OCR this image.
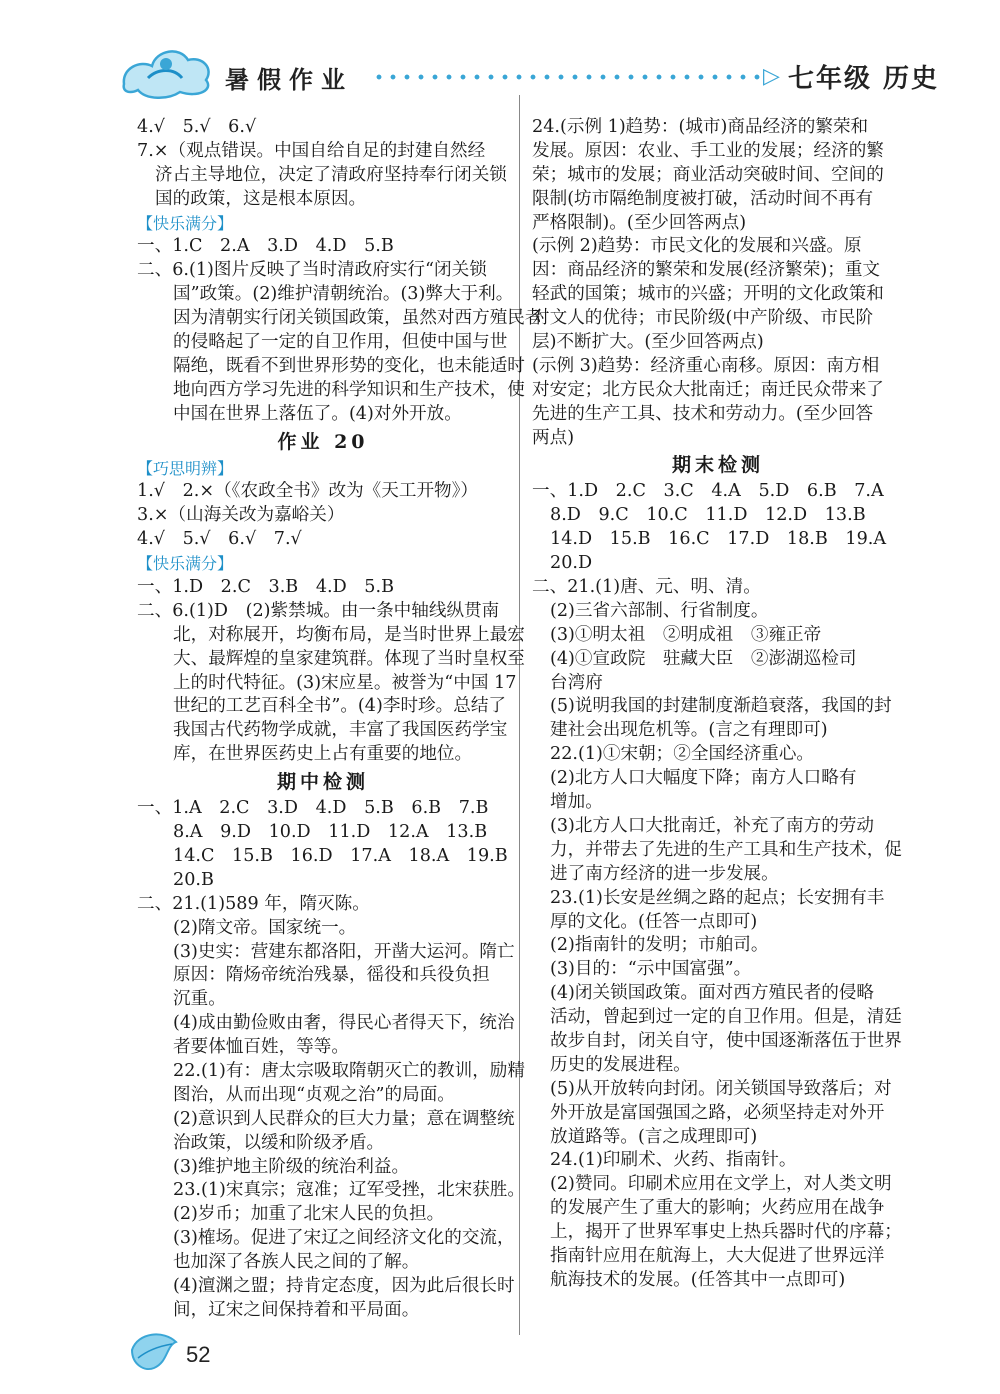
暑假作业	▷ 七年级 历史
4.√　5.√　6.√
7.×（观点错误。中国自给自足的封建自然经
济占主导地位，决定了清政府坚持奉行闭关锁
国的政策，这是根本原因。
【快乐满分】
一、1.C　2.A　3.D　4.D　5.B
二、6.(1)图片反映了当时清政府实行“闭关锁
国”政策。(2)维护清朝统治。(3)弊大于利。
因为清朝实行闭关锁国政策，虽然对西方殖民者
的侵略起了一定的自卫作用，但使中国与世
隔绝，既看不到世界形势的变化，也未能适时
地向西方学习先进的科学知识和生产技术，使
中国在世界上落伍了。(4)对外开放。
作业 20
【巧思明辨】
1.√　2.×（《农政全书》改为《天工开物》）
3.×（山海关改为嘉峪关）
4.√　5.√　6.√　7.√
【快乐满分】
一、1.D　2.C　3.B　4.D　5.B
二、6.(1)D　(2)紫禁城。由一条中轴线纵贯南
北，对称展开，均衡布局，是当时世界上最宏
大、最辉煌的皇家建筑群。体现了当时皇权至
上的时代特征。(3)宋应星。被誉为“中国 17
世纪的工艺百科全书”。(4)李时珍。总结了
我国古代药物学成就，丰富了我国医药学宝
库，在世界医药史上占有重要的地位。
期中检测
一、1.A　2.C　3.D　4.D　5.B　6.B　7.B
8.A　9.D　10.D　11.D　12.A　13.B
14.C　15.B　16.D　17.A　18.A　19.B
20.B
二、21.(1)589 年，隋灭陈。
(2)隋文帝。国家统一。
(3)史实：营建东都洛阳，开凿大运河。隋亡
原因：隋炀帝统治残暴，徭役和兵役负担
沉重。
(4)成由勤俭败由奢，得民心者得天下，统治
者要体恤百姓，等等。
22.(1)有：唐太宗吸取隋朝灭亡的教训，励精
图治，从而出现“贞观之治”的局面。
(2)意识到人民群众的巨大力量；意在调整统
治政策，以缓和阶级矛盾。
(3)维护地主阶级的统治利益。
23.(1)宋真宗；寇准；辽军受挫，北宋获胜。
(2)岁币；加重了北宋人民的负担。
(3)榷场。促进了宋辽之间经济文化的交流，
也加深了各族人民之间的了解。
(4)澶渊之盟；持肯定态度，因为此后很长时
间，辽宋之间保持着和平局面。
24.(示例 1)趋势：(城市)商品经济的繁荣和
发展。原因：农业、手工业的发展；经济的繁
荣；城市的发展；商业活动突破时间、空间的
限制(坊市隔绝制度被打破，活动时间不再有
严格限制)。(至少回答两点)
(示例 2)趋势：市民文化的发展和兴盛。原
因：商品经济的繁荣和发展(经济繁荣)；重文
轻武的国策；城市的兴盛；开明的文化政策和
对文人的优待；市民阶级(中产阶级、市民阶
层)不断扩大。(至少回答两点)
(示例 3)趋势：经济重心南移。原因：南方相
对安定；北方民众大批南迁；南迁民众带来了
先进的生产工具、技术和劳动力。(至少回答
两点)
期末检测
一、1.D　2.C　3.C　4.A　5.D　6.B　7.A
8.D　9.C　10.C　11.D　12.D　13.B
14.D　15.B　16.C　17.D　18.B　19.A
20.D
二、21.(1)唐、元、明、清。
(2)三省六部制、行省制度。
(3)①明太祖　②明成祖　③雍正帝
(4)①宣政院　驻藏大臣　②澎湖巡检司
台湾府
(5)说明我国的封建制度渐趋衰落，我国的封
建社会出现危机等。(言之有理即可)
22.(1)①宋朝；②全国经济重心。
(2)北方人口大幅度下降；南方人口略有
增加。
(3)北方人口大批南迁，补充了南方的劳动
力，并带去了先进的生产工具和生产技术，促
进了南方经济的进一步发展。
23.(1)长安是丝绸之路的起点；长安拥有丰
厚的文化。(任答一点即可)
(2)指南针的发明；市舶司。
(3)目的：“示中国富强”。
(4)闭关锁国政策。面对西方殖民者的侵略
活动，曾起到过一定的自卫作用。但是，清廷
故步自封，闭关自守，使中国逐渐落伍于世界
历史的发展进程。
(5)从开放转向封闭。闭关锁国导致落后；对
外开放是富国强国之路，必须坚持走对外开
放道路等。(言之成理即可)
24.(1)印刷术、火药、指南针。
(2)赞同。印刷术应用在文学上，对人类文明
的发展产生了重大的影响；火药应用在战争
上，揭开了世界军事史上热兵器时代的序幕；
指南针应用在航海上，大大促进了世界远洋
航海技术的发展。(任答其中一点即可)
52
